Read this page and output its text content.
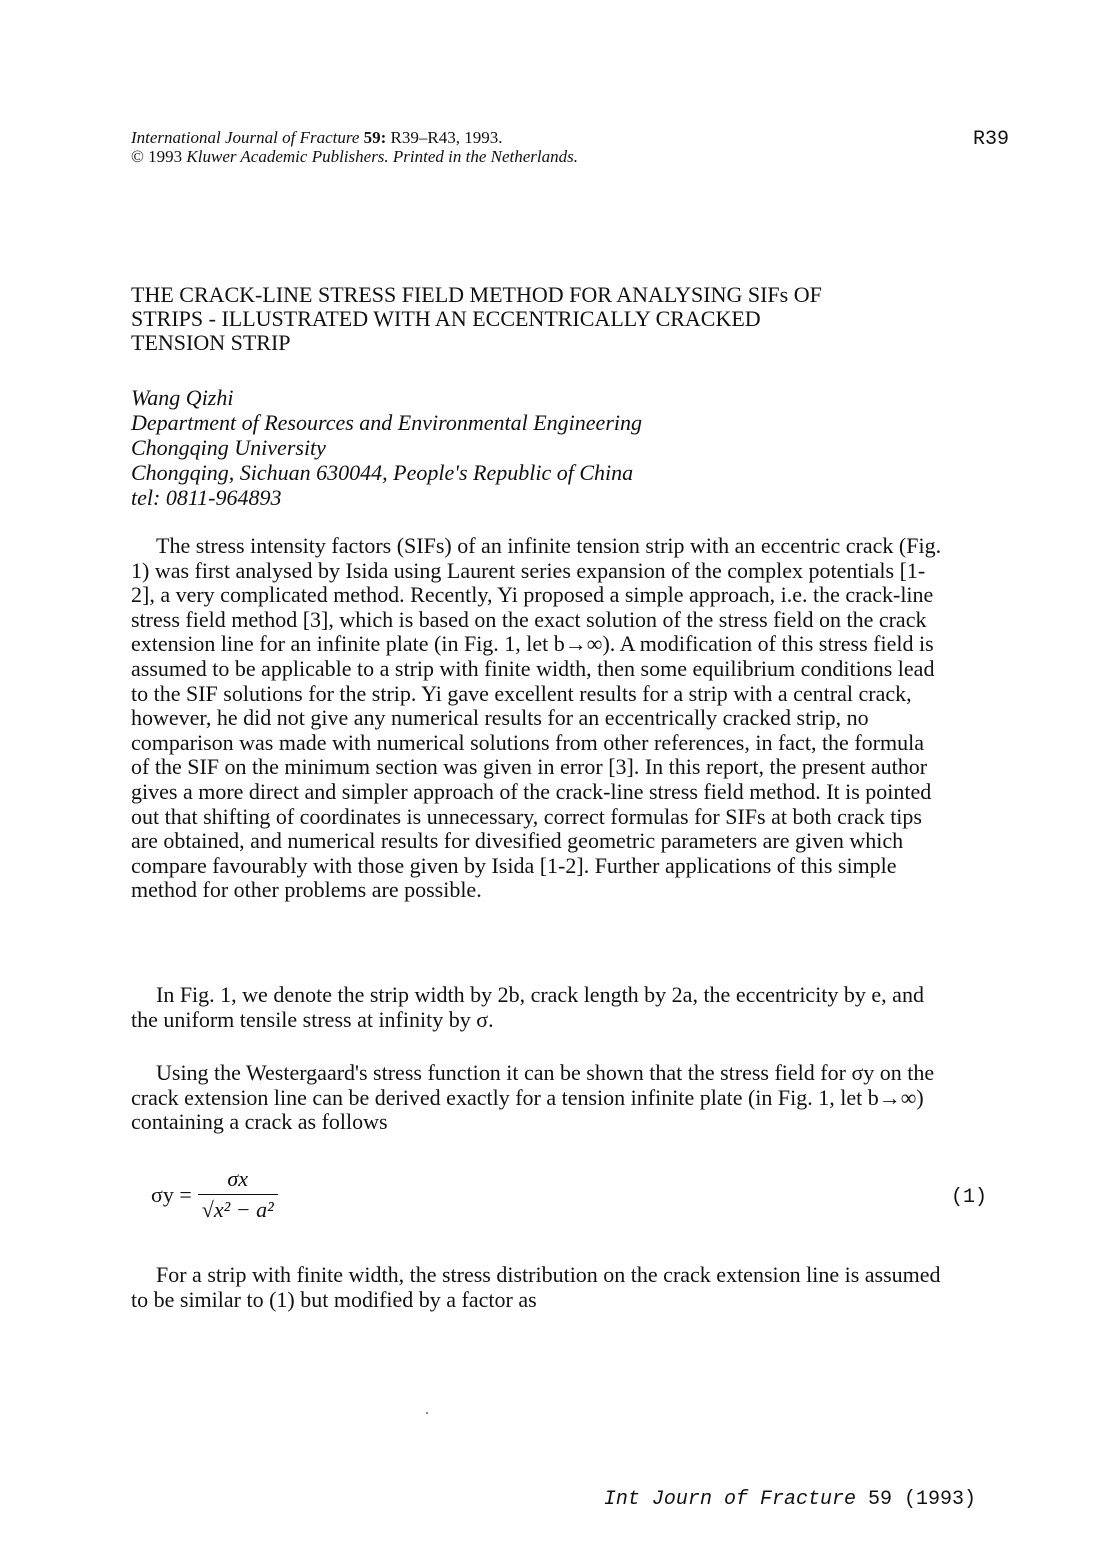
International Journal of Fracture 59: R39–R43, 1993.
© 1993 Kluwer Academic Publishers. Printed in the Netherlands.
R39
THE CRACK-LINE STRESS FIELD METHOD FOR ANALYSING SIFs OF
STRIPS - ILLUSTRATED WITH AN ECCENTRICALLY CRACKED
TENSION STRIP
Wang Qizhi
Department of Resources and Environmental Engineering
Chongqing University
Chongqing, Sichuan 630044, People's Republic of China
tel: 0811-964893
The stress intensity factors (SIFs) of an infinite tension strip with an eccentric crack (Fig. 1) was first analysed by Isida using Laurent series expansion of the complex potentials [1-2], a very complicated method. Recently, Yi proposed a simple approach, i.e. the crack-line stress field method [3], which is based on the exact solution of the stress field on the crack extension line for an infinite plate (in Fig. 1, let b→∞). A modification of this stress field is assumed to be applicable to a strip with finite width, then some equilibrium conditions lead to the SIF solutions for the strip. Yi gave excellent results for a strip with a central crack, however, he did not give any numerical results for an eccentrically cracked strip, no comparison was made with numerical solutions from other references, in fact, the formula of the SIF on the minimum section was given in error [3]. In this report, the present author gives a more direct and simpler approach of the crack-line stress field method. It is pointed out that shifting of coordinates is unnecessary, correct formulas for SIFs at both crack tips are obtained, and numerical results for divesified geometric parameters are given which compare favourably with those given by Isida [1-2]. Further applications of this simple method for other problems are possible.
In Fig. 1, we denote the strip width by 2b, crack length by 2a, the eccentricity by e, and the uniform tensile stress at infinity by σ.
Using the Westergaard's stress function it can be shown that the stress field for σy on the crack extension line can be derived exactly for a tension infinite plate (in Fig. 1, let b→∞) containing a crack as follows
$\sigma y = \frac{\sigma x}{\text{√x² − a²}}$	(1)
For a strip with finite width, the stress distribution on the crack extension line is assumed to be similar to (1) but modified by a factor as
Int Journ of Fracture 59 (1993)
